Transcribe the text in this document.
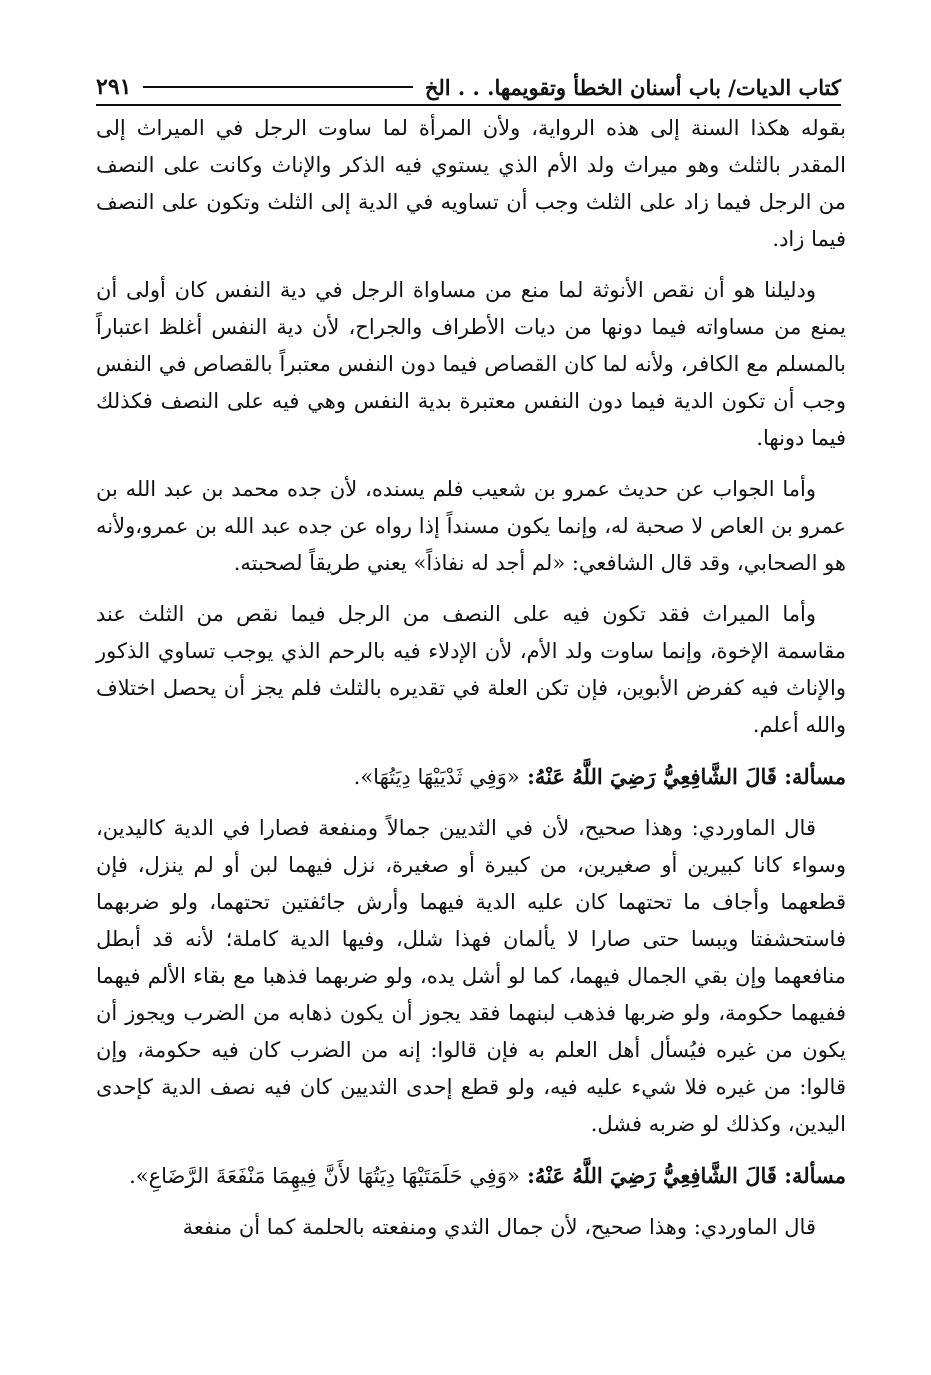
كتاب الديات/ باب أسنان الخطأ وتقويمها. . . الخ
٢٩١

بقوله هكذا السنة إلى هذه الرواية، ولأن المرأة لما ساوت الرجل في الميراث إلى المقدر بالثلث وهو ميراث ولد الأم الذي يستوي فيه الذكر والإناث وكانت على النصف من الرجل فيما زاد على الثلث وجب أن تساويه في الدية إلى الثلث وتكون على النصف فيما زاد.

ودليلنا هو أن نقص الأنوثة لما منع من مساواة الرجل في دية النفس كان أولى أن يمنع من مساواته فيما دونها من ديات الأطراف والجراح، لأن دية النفس أغلظ اعتباراً بالمسلم مع الكافر، ولأنه لما كان القصاص فيما دون النفس معتبراً بالقصاص في النفس وجب أن تكون الدية فيما دون النفس معتبرة بدية النفس وهي فيه على النصف فكذلك فيما دونها.

وأما الجواب عن حديث عمرو بن شعيب فلم يسنده، لأن جده محمد بن عبد الله بن عمرو بن العاص لا صحبة له، وإنما يكون مسنداً إذا رواه عن جده عبد الله بن عمرو،ولأنه هو الصحابي، وقد قال الشافعي: «لم أجد له نفاذاً» يعني طريقاً لصحبته.

وأما الميراث فقد تكون فيه على النصف من الرجل فيما نقص من الثلث عند مقاسمة الإخوة، وإنما ساوت ولد الأم، لأن الإدلاء فيه بالرحم الذي يوجب تساوي الذكور والإناث فيه كفرض الأبوين، فإن تكن العلة في تقديره بالثلث فلم يجز أن يحصل اختلاف والله أعلم.

مسألة: قَالَ الشَّافِعِيُّ رَضِيَ اللَّهُ عَنْهُ: «وَفِي ثَدْيَيْهَا دِيَتُهَا».

قال الماوردي: وهذا صحيح، لأن في الثديين جمالاً ومنفعة فصارا في الدية كاليدين، وسواء كانا كبيرين أو صغيرين، من كبيرة أو صغيرة، نزل فيهما لبن أو لم ينزل، فإن قطعهما وأجاف ما تحتهما كان عليه الدية فيهما وأرش جائفتين تحتهما، ولو ضربهما فاستحشفتا ويبسا حتى صارا لا يألمان فهذا شلل، وفيها الدية كاملة؛ لأنه قد أبطل منافعهما وإن بقي الجمال فيهما، كما لو أشل يده، ولو ضربهما فذهبا مع بقاء الألم فيهما ففيهما حكومة، ولو ضربها فذهب لبنهما فقد يجوز أن يكون ذهابه من الضرب ويجوز أن يكون من غيره فيُسأل أهل العلم به فإن قالوا: إنه من الضرب كان فيه حكومة، وإن قالوا: من غيره فلا شيء عليه فيه، ولو قطع إحدى الثديين كان فيه نصف الدية كإحدى اليدين، وكذلك لو ضربه فشل.

مسألة: قَالَ الشَّافِعِيُّ رَضِيَ اللَّهُ عَنْهُ: «وَفِي حَلَمَتَيْهَا دِيَتُهَا لأَنَّ فِيهِمَا مَنْفَعَةَ الرَّضَاعِ».

قال الماوردي: وهذا صحيح، لأن جمال الثدي ومنفعته بالحلمة كما أن منفعة
